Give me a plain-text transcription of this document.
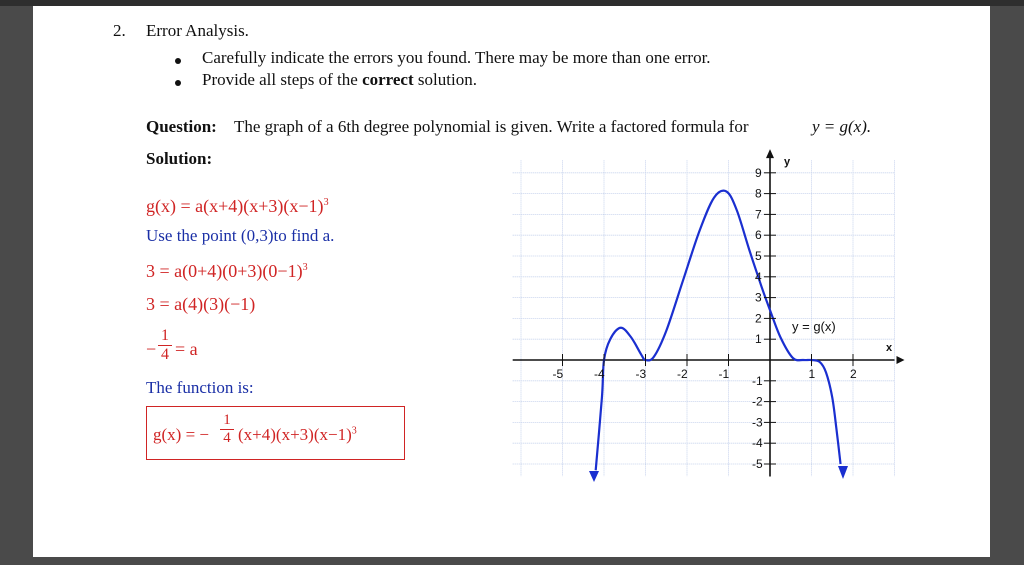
2. Error Analysis.
Carefully indicate the errors you found. There may be more than one error.
Provide all steps of the correct solution.
Question: The graph of a 6th degree polynomial is given. Write a factored formula for	y = g(x).
Solution:
$g(x) = a(x+4)(x+3)(x-1)^3$
Use the point (0,3)to find a.
$3 = a(0+4)(0+3)(0-1)^3$
3 = a(4)(3)(−1)
− $\frac{1}{4} = a$
The function is:
g(x) = − $\frac{1}{4} (x+4)(x+3)(x-1)^3$
-5	-4	-3	-2	-1	1	2
9
8
7
6
5
4
3
2
1
-1
-2
-3
-4
-5
x
y
y = g(x)
